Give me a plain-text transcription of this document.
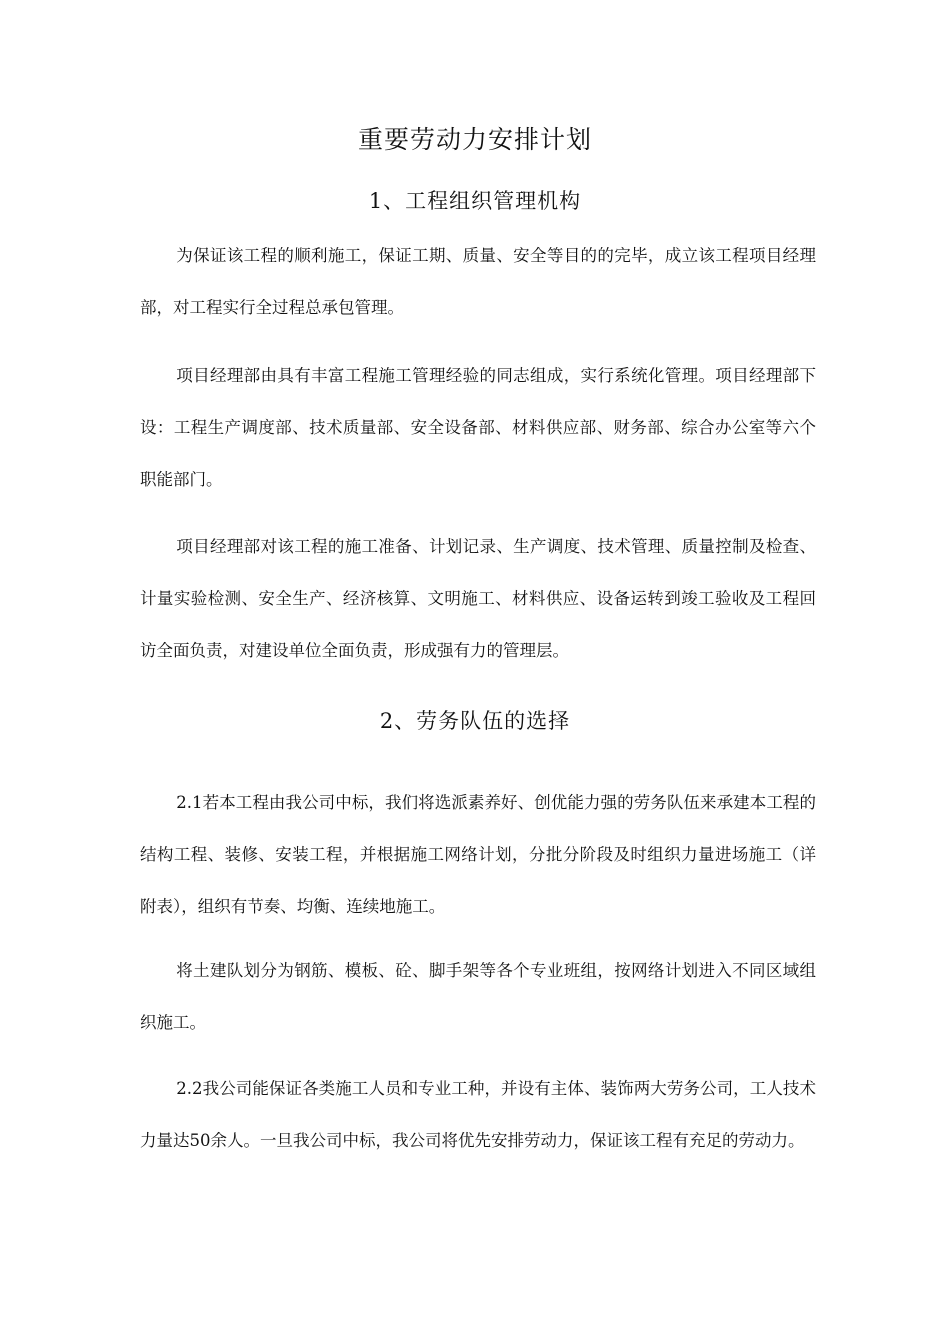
重要劳动力安排计划
1、工程组织管理机构

为保证该工程的顺利施工，保证工期、质量、安全等目的的完毕，成立该工程项目经理部，对工程实行全过程总承包管理。

项目经理部由具有丰富工程施工管理经验的同志组成，实行系统化管理。项目经理部下设：工程生产调度部、技术质量部、安全设备部、材料供应部、财务部、综合办公室等六个职能部门。

项目经理部对该工程的施工准备、计划记录、生产调度、技术管理、质量控制及检查、计量实验检测、安全生产、经济核算、文明施工、材料供应、设备运转到竣工验收及工程回访全面负责，对建设单位全面负责，形成强有力的管理层。

2、劳务队伍的选择

2.1若本工程由我公司中标，我们将选派素养好、创优能力强的劳务队伍来承建本工程的结构工程、装修、安装工程，并根据施工网络计划，分批分阶段及时组织力量进场施工（详附表），组织有节奏、均衡、连续地施工。

将土建队划分为钢筋、模板、砼、脚手架等各个专业班组，按网络计划进入不同区域组织施工。

2.2我公司能保证各类施工人员和专业工种，并设有主体、装饰两大劳务公司，工人技术力量达50余人。一旦我公司中标，我公司将优先安排劳动力，保证该工程有充足的劳动力。
